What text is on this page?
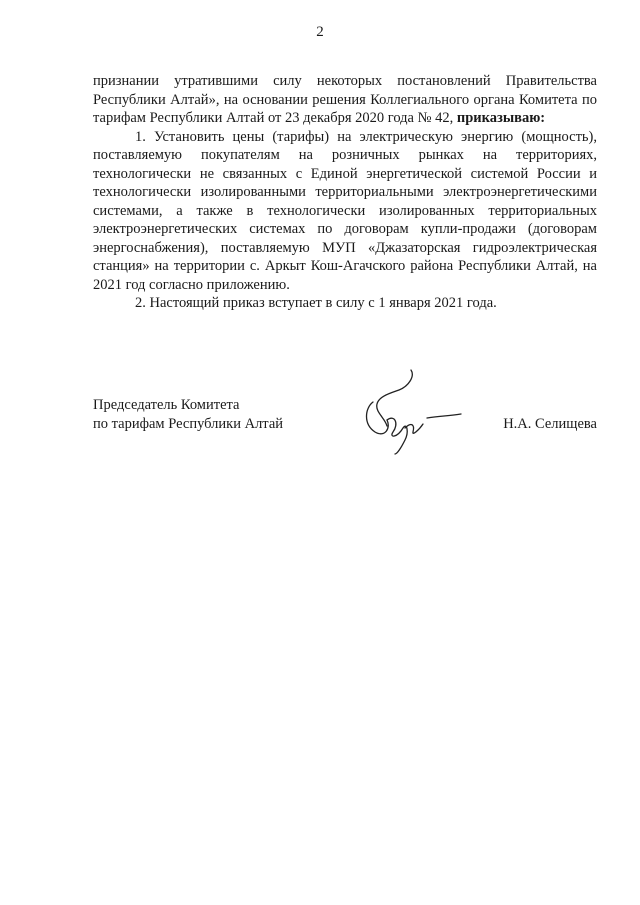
2

признании утратившими силу некоторых постановлений Правительства Республики Алтай», на основании решения Коллегиального органа Комитета по тарифам Республики Алтай от 23 декабря 2020 года № 42, приказываю:

1. Установить цены (тарифы) на электрическую энергию (мощность), поставляемую покупателям на розничных рынках на территориях, технологически не связанных с Единой энергетической системой России и технологически изолированными территориальными электроэнергетическими системами, а также в технологически изолированных территориальных электроэнергетических системах по договорам купли-продажи (договорам энергоснабжения), поставляемую МУП «Джазаторская гидроэлектрическая станция» на территории с. Аркыт Кош-Агачского района Республики Алтай, на 2021 год согласно приложению.

2. Настоящий приказ вступает в силу с 1 января 2021 года.

Председатель Комитета
по тарифам Республики Алтай	Н.А. Селищева
